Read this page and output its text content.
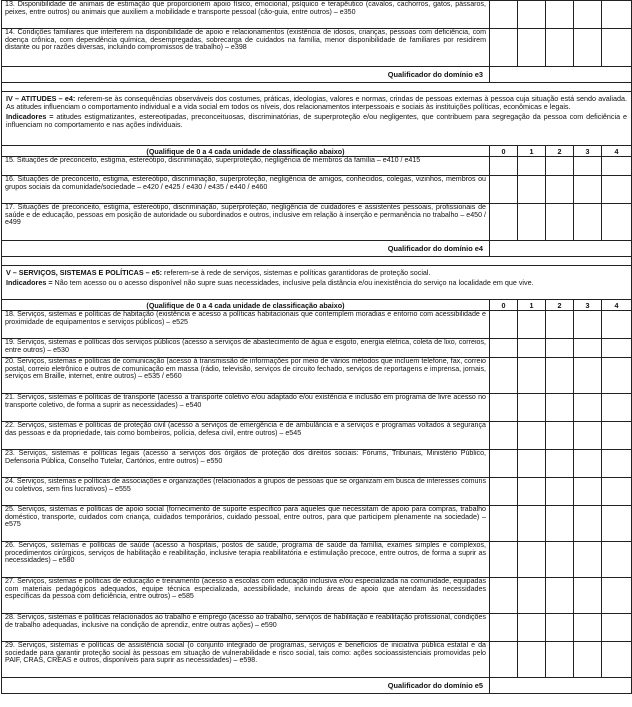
13. Disponibilidade de animais de estimação que proporcionem apoio físico, emocional, psíquico e terapêutico (cavalos, cachorros, gatos, pássaros, peixes, entre outros) ou animais que auxiliem a mobilidade e transporte pessoal (cão-guia, entre outros) – e350					
14. Condições familiares que interferem na disponibilidade de apoio e relacionamentos (existência de idosos, crianças, pessoas com deficiência, com doença crônica, com dependência química, desempregadas, sobrecarga de cuidados na família, menor disponibilidade de familiares por residirem distante ou por razões diversas, incluindo compromissos de trabalho) – e398					
Qualificador do domínio e3					

IV – ATITUDES – e4: referem-se às consequências observáveis dos costumes, práticas, ideologias, valores e normas, crindas de pessoas externas à pessoa cuja situação está sendo avaliada. As atitudes influenciam o comportamento individual e a vida social em todos os níveis, dos relacionamentos interpessoais e sociais às instituições políticas, econômicas e legais.
Indicadores = atitudes estigmatizantes, estereotipadas, preconceituosas, discriminatórias, de superproteção e/ou negligentes, que contribuem para segregação da pessoa com deficiência e influenciam no comportamento e nas ações individuais.					

(Qualifique de 0 a 4 cada unidade de classificação abaixo)	0	1	2	3	4
15. Situações de preconceito, estigma, estereótipo, discriminação, superproteção, negligência de membros da família – e410 / e415					
16. Situações de preconceito, estigma, estereótipo, discriminação, superproteção, negligência de amigos, conhecidos, colegas, vizinhos, membros ou grupos sociais da comunidade/sociedade – e420 / e425 / e430 / e435 / e440 / e460					
17. Situações de preconceito, estigma, estereótipo, discriminação, superproteção, negligência de cuidadores e assistentes pessoais, profissionais de saúde e de educação, pessoas em posição de autoridade ou subordinados e outros, inclusive em relação à inserção e permanência no trabalho – e450 / e499					
Qualificador do domínio e4					

V – SERVIÇOS, SISTEMAS E POLÍTICAS – e5: referem-se à rede de serviços, sistemas e políticas garantidoras de proteção social.
Indicadores = Não tem acesso ou o acesso disponível não supre suas necessidades, inclusive pela distância e/ou inexistência do serviço na localidade em que vive.					

(Qualifique de 0 a 4 cada unidade de classificação abaixo)	0	1	2	3	4
18. Serviços, sistemas e políticas de habitação (existência e acesso a políticas habitacionais que contemplem moradias e entorno com acessibilidade e proximidade de equipamentos e serviços públicos) – e525					
19. Serviços, sistemas e políticas dos serviços públicos (acesso a serviços de abastecimento de água e esgoto, energia elétrica, coleta de lixo, correios, entre outros) – e530					
20. Serviços, sistemas e políticas de comunicação (acesso à transmissão de informações por meio de vários métodos que incluem telefone, fax, correio postal, correio eletrônico e outros de comunicação em massa (rádio, televisão, serviços de circuito fechado, serviços de reportagens e imprensa, jornais, serviços em Braille, internet, entre outros) – e535 / e560					
21. Serviços, sistemas e políticas de transporte (acesso a transporte coletivo e/ou adaptado e/ou existência e inclusão em programa de livre acesso no transporte coletivo, de forma a suprir as necessidades) – e540					
22. Serviços, sistemas e políticas de proteção civil (acesso a serviços de emergência e de ambulância e a serviços e programas voltados à segurança das pessoas e da propriedade, tais como bombeiros, polícia, defesa civil, entre outros) – e545					
23. Serviços, sistemas e políticas legais (acesso a serviços dos órgãos de proteção dos direitos sociais: Fórums, Tribunais, Ministério Público, Defensoria Pública, Conselho Tutelar, Cartórios, entre outros) – e550					
24. Serviços, sistemas e políticas de associações e organizações (relacionados a grupos de pessoas que se organizam em busca de interesses comuns ou coletivos, sem fins lucrativos) – e555					
25. Serviços, sistemas e políticas de apoio social (fornecimento de suporte específico para aqueles que necessitam de apoio para compras, trabalho doméstico, transporte, cuidados com criança, cuidados temporários, cuidado pessoal, entre outros, para que participem plenamente na sociedade) – e575					
26. Serviços, sistemas e políticas de saúde (acesso a hospitais, postos de saúde, programa de saúde da família, exames simples e complexos, procedimentos cirúrgicos, serviços de habilitação e reabilitação, inclusive terapia reabilitatória e estimulação precoce, entre outros, de forma a suprir as necessidades) – e580					
27. Serviços, sistemas e políticas de educação e treinamento (acesso a escolas com educação inclusiva e/ou especializada na comunidade, equipadas com materiais pedagógicos adequados, equipe técnica especializada, acessibilidade, incluindo áreas de apoio que atendam às necessidades específicas da pessoa com deficiência, entre outros) – e585					
28. Serviços, sistemas e políticas relacionados ao trabalho e emprego (acesso ao trabalho, serviços de habilitação e reabilitação profissional, condições de trabalho adequadas, inclusive na condição de aprendiz, entre outras ações) – e590					
29. Serviços, sistemas e políticas de assistência social (o conjunto integrado de programas, serviços e benefícios de iniciativa pública estatal e da sociedade para garantir proteção social às pessoas em situação de vulnerabilidade e risco social, tais como: ações socioassistenciais promovidas pelo PAIF, CRAS, CREAS e outros, disponíveis para suprir as necessidades) – e598.					
Qualificador do domínio e5					
